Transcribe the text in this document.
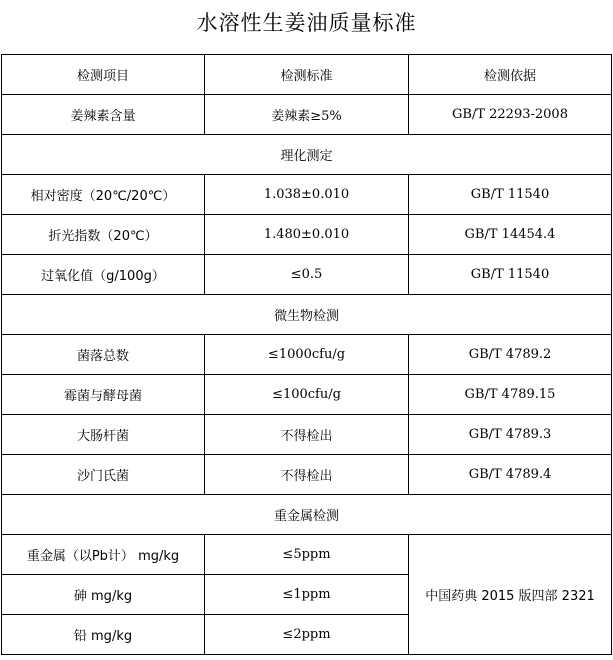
水溶性生姜油质量标准
检测项目	检测标准	检测依据
姜辣素含量	姜辣素≥5%	GB/T 22293-2008
理化测定		
相对密度（20℃/20℃）	1.038±0.010	GB/T 11540
折光指数（20℃）	1.480±0.010	GB/T 14454.4
过氧化值（g/100g）	≤0.5	GB/T 11540
微生物检测		
菌落总数	≤1000cfu/g	GB/T 4789.2
霉菌与酵母菌	≤100cfu/g	GB/T 4789.15
大肠杆菌	不得检出	GB/T 4789.3
沙门氏菌	不得检出	GB/T 4789.4
重金属检测		
重金属（以Pb计） mg/kg	≤5ppm	中国药典 2015 版四部 2321
砷 mg/kg	≤1ppm	
铅 mg/kg	≤2ppm	
